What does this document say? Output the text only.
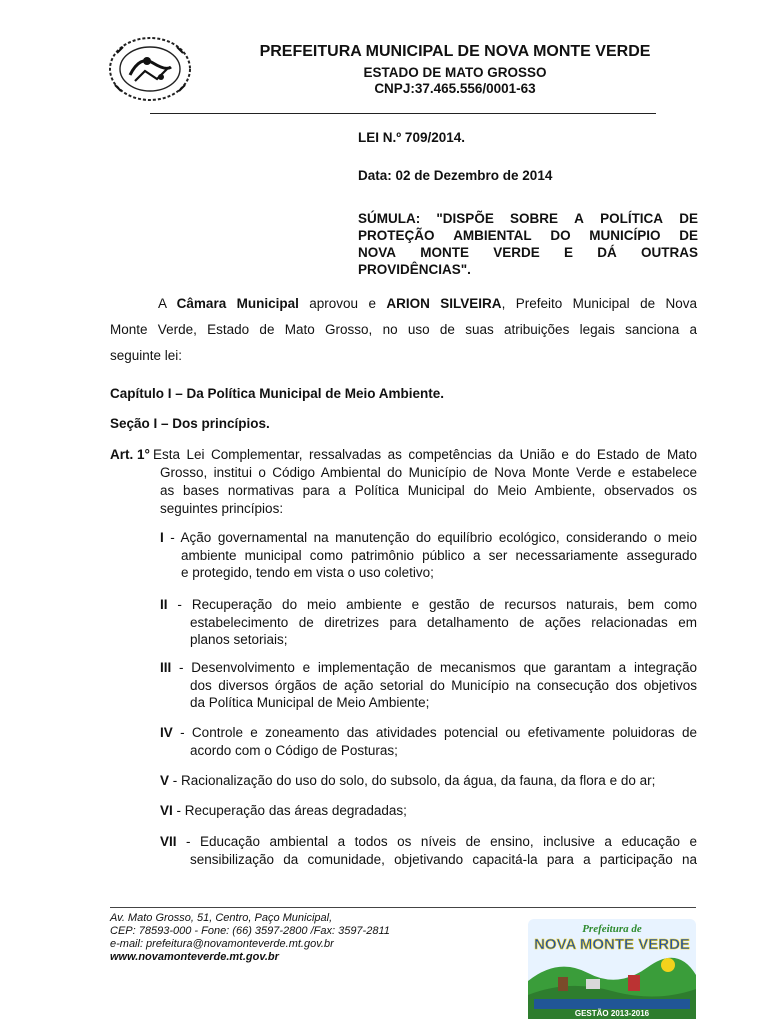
PREFEITURA MUNICIPAL DE NOVA MONTE VERDE
ESTADO DE MATO GROSSO
CNPJ:37.465.556/0001-63
LEI N.º 709/2014.
Data: 02 de Dezembro de 2014
SÚMULA: "DISPÕE SOBRE A POLÍTICA DE
PROTEÇÃO AMBIENTAL DO MUNICÍPIO DE
NOVA MONTE VERDE E DÁ OUTRAS
PROVIDÊNCIAS".
A Câmara Municipal aprovou e ARION SILVEIRA, Prefeito Municipal de Nova
Monte Verde, Estado de Mato Grosso, no uso de suas atribuições legais sanciona a
seguinte lei:
Capítulo I – Da Política Municipal de Meio Ambiente.
Seção I – Dos princípios.
Art. 1° Esta Lei Complementar, ressalvadas as competências da União e do Estado de Mato
Grosso, institui o Código Ambiental do Município de Nova Monte Verde e estabelece
as bases normativas para a Política Municipal do Meio Ambiente, observados os
seguintes princípios:
I - Ação governamental na manutenção do equilíbrio ecológico, considerando o meio
ambiente municipal como patrimônio público a ser necessariamente assegurado
e protegido, tendo em vista o uso coletivo;
II - Recuperação do meio ambiente e gestão de recursos naturais, bem como
estabelecimento de diretrizes para detalhamento de ações relacionadas em
planos setoriais;
III - Desenvolvimento e implementação de mecanismos que garantam a integração
dos diversos órgãos de ação setorial do Município na consecução dos objetivos
da Política Municipal de Meio Ambiente;
IV - Controle e zoneamento das atividades potencial ou efetivamente poluidoras de
acordo com o Código de Posturas;
V - Racionalização do uso do solo, do subsolo, da água, da fauna, da flora e do ar;
VI - Recuperação das áreas degradadas;
VII - Educação ambiental a todos os níveis de ensino, inclusive a educação e
sensibilização da comunidade, objetivando capacitá-la para a participação na
Av. Mato Grosso, 51, Centro, Paço Municipal,
CEP: 78593-000 - Fone: (66) 3597-2800 /Fax: 3597-2811
e-mail: prefeitura@novamonteverde.mt.gov.br
www.novamonteverde.mt.gov.br
Prefeitura de
NOVA MONTE VERDE
GESTÃO 2013-2016
